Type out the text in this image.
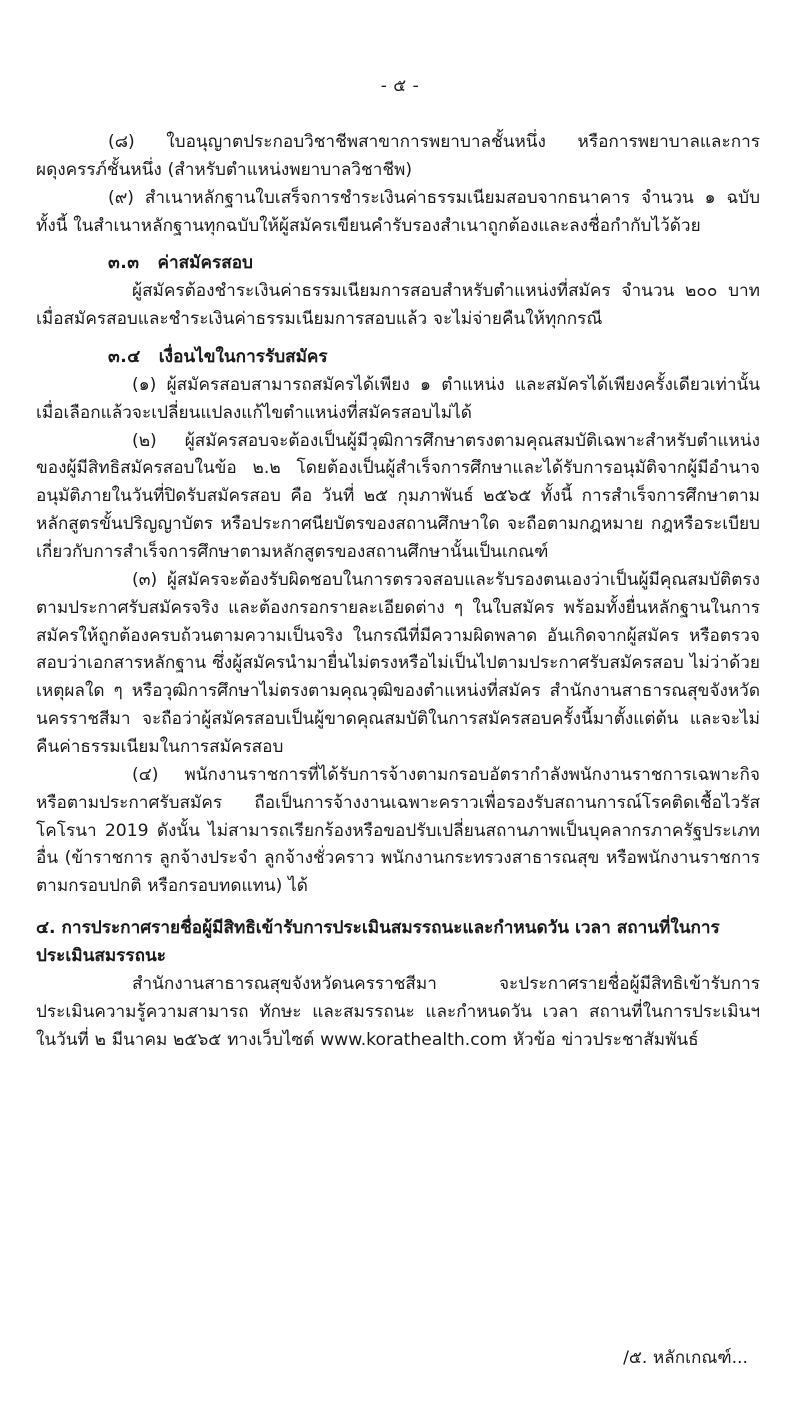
- ๕ -

(๘) ใบอนุญาตประกอบวิชาชีพสาขาการพยาบาลชั้นหนึ่ง หรือการพยาบาลและการผดุงครรภ์ชั้นหนึ่ง (สำหรับตำแหน่งพยาบาลวิชาชีพ)

(๙) สำเนาหลักฐานใบเสร็จการชำระเงินค่าธรรมเนียมสอบจากธนาคาร จำนวน ๑ ฉบับ ทั้งนี้ ในสำเนาหลักฐานทุกฉบับให้ผู้สมัครเขียนคำรับรองสำเนาถูกต้องและลงชื่อกำกับไว้ด้วย

๓.๓ ค่าสมัครสอบ

ผู้สมัครต้องชำระเงินค่าธรรมเนียมการสอบสำหรับตำแหน่งที่สมัคร จำนวน ๒๐๐ บาท เมื่อสมัครสอบและชำระเงินค่าธรรมเนียมการสอบแล้ว จะไม่จ่ายคืนให้ทุกกรณี

๓.๔ เงื่อนไขในการรับสมัคร

(๑) ผู้สมัครสอบสามารถสมัครได้เพียง ๑ ตำแหน่ง และสมัครได้เพียงครั้งเดียวเท่านั้น เมื่อเลือกแล้วจะเปลี่ยนแปลงแก้ไขตำแหน่งที่สมัครสอบไม่ได้

(๒) ผู้สมัครสอบจะต้องเป็นผู้มีวุฒิการศึกษาตรงตามคุณสมบัติเฉพาะสำหรับตำแหน่งของผู้มีสิทธิสมัครสอบในข้อ ๒.๒ โดยต้องเป็นผู้สำเร็จการศึกษาและได้รับการอนุมัติจากผู้มีอำนาจอนุมัติภายในวันที่ปิดรับสมัครสอบ คือ วันที่ ๒๕ กุมภาพันธ์ ๒๕๖๕ ทั้งนี้ การสำเร็จการศึกษาตามหลักสูตรขั้นปริญญาบัตร หรือประกาศนียบัตรของสถานศึกษาใด จะถือตามกฎหมาย กฎหรือระเบียบเกี่ยวกับการสำเร็จการศึกษาตามหลักสูตรของสถานศึกษานั้นเป็นเกณฑ์

(๓) ผู้สมัครจะต้องรับผิดชอบในการตรวจสอบและรับรองตนเองว่าเป็นผู้มีคุณสมบัติตรงตามประกาศรับสมัครจริง และต้องกรอกรายละเอียดต่าง ๆ ในใบสมัคร พร้อมทั้งยื่นหลักฐานในการสมัครให้ถูกต้องครบถ้วนตามความเป็นจริง ในกรณีที่มีความผิดพลาด อันเกิดจากผู้สมัคร หรือตรวจสอบว่าเอกสารหลักฐาน ซึ่งผู้สมัครนำมายื่นไม่ตรงหรือไม่เป็นไปตามประกาศรับสมัครสอบ ไม่ว่าด้วยเหตุผลใด ๆ หรือวุฒิการศึกษาไม่ตรงตามคุณวุฒิของตำแหน่งที่สมัคร สำนักงานสาธารณสุขจังหวัดนครราชสีมา จะถือว่าผู้สมัครสอบเป็นผู้ขาดคุณสมบัติในการสมัครสอบครั้งนี้มาตั้งแต่ต้น และจะไม่คืนค่าธรรมเนียมในการสมัครสอบ

(๔) พนักงานราชการที่ได้รับการจ้างตามกรอบอัตรากำลังพนักงานราชการเฉพาะกิจ หรือตามประกาศรับสมัคร ถือเป็นการจ้างงานเฉพาะคราวเพื่อรองรับสถานการณ์โรคติดเชื้อไวรัสโคโรนา 2019 ดังนั้น ไม่สามารถเรียกร้องหรือขอปรับเปลี่ยนสถานภาพเป็นบุคลากรภาครัฐประเภทอื่น (ข้าราชการ ลูกจ้างประจำ ลูกจ้างชั่วคราว พนักงานกระทรวงสาธารณสุข หรือพนักงานราชการตามกรอบปกติ หรือกรอบทดแทน) ได้

๔. การประกาศรายชื่อผู้มีสิทธิเข้ารับการประเมินสมรรถนะและกำหนดวัน เวลา สถานที่ในการประเมินสมรรถนะ

สำนักงานสาธารณสุขจังหวัดนครราชสีมา จะประกาศรายชื่อผู้มีสิทธิเข้ารับการประเมินความรู้ความสามารถ ทักษะ และสมรรถนะ และกำหนดวัน เวลา สถานที่ในการประเมินฯ ในวันที่ ๒ มีนาคม ๒๕๖๕ ทางเว็บไซต์ www.korathealth.com หัวข้อ ข่าวประชาสัมพันธ์

/๕. หลักเกณฑ์...
